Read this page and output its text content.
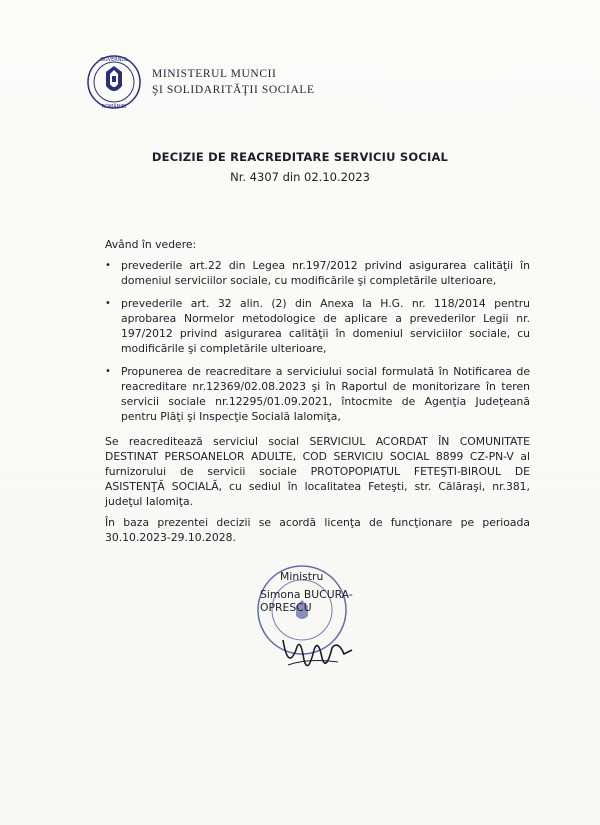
GUVERNUL
ROMÂNIEI
MINISTERUL MUNCII
ŞI SOLIDARITĂŢII SOCIALE
DECIZIE DE REACREDITARE SERVICIU SOCIAL
Nr. 4307 din 02.10.2023

Având în vedere:

• prevederile art.22 din Legea nr.197/2012 privind asigurarea calităţii în domeniul serviciilor sociale, cu modificările şi completările ulterioare,
• prevederile art. 32 alin. (2) din Anexa la H.G. nr. 118/2014 pentru aprobarea Normelor metodologice de aplicare a prevederilor Legii nr. 197/2012 privind asigurarea calităţii în domeniul serviciilor sociale, cu modificările şi completările ulterioare,
• Propunerea de reacreditare a serviciului social formulată în Notificarea de reacreditare nr.12369/02.08.2023 şi în Raportul de monitorizare în teren servicii sociale nr.12295/01.09.2021, întocmite de Agenţia Judeţeană pentru Plăţi şi Inspecţie Socială Ialomiţa,

Se reacreditează serviciul social SERVICIUL ACORDAT ÎN COMUNITATE DESTINAT PERSOANELOR ADULTE, COD SERVICIU SOCIAL 8899 CZ-PN-V al furnizorului de servicii sociale PROTOPOPIATUL FETEŞTI-BIROUL DE ASISTENŢĂ SOCIALĂ, cu sediul în localitatea Feteşti, str. Călăraşi, nr.381, judeţul Ialomiţa.

În baza prezentei decizii se acordă licenţa de funcţionare pe perioada 30.10.2023-29.10.2028.

Ministru
Simona BUCURA-OPRESCU
